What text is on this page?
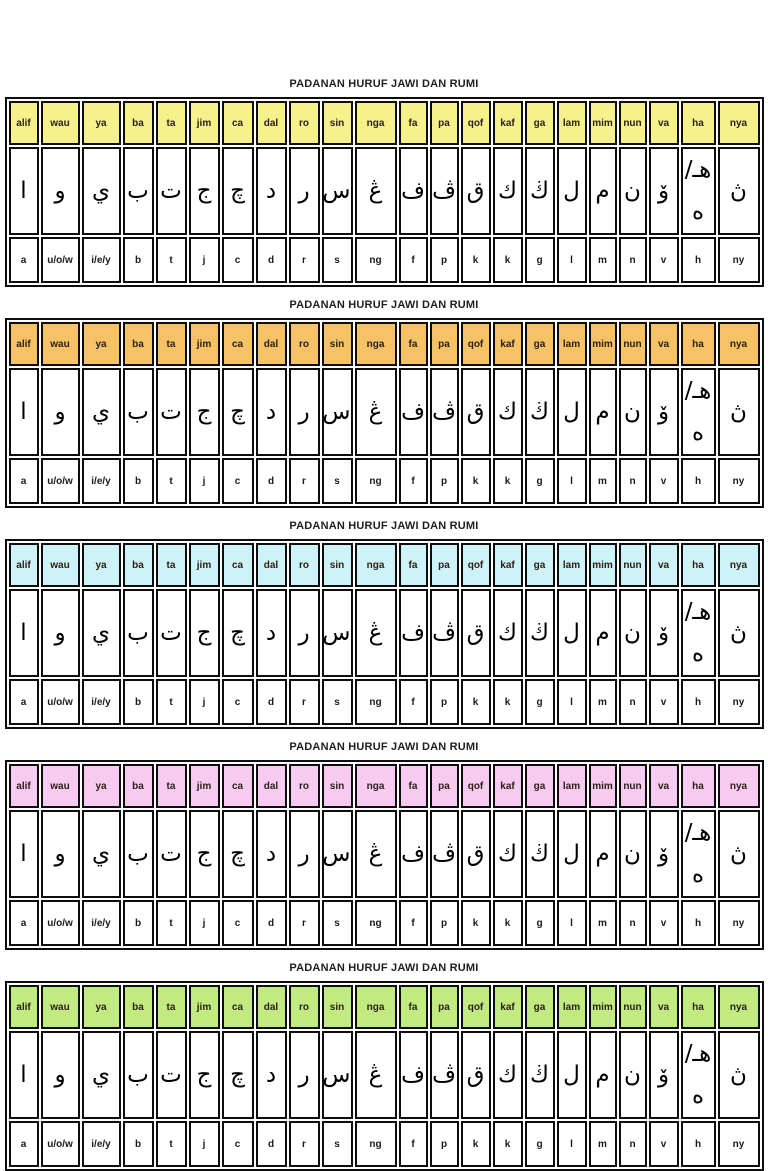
PADANAN HURUF JAWI DAN RUMI
alif	wau	ya	ba	ta	jim	ca	dal	ro	sin	nga	fa	pa	qof	kaf	ga	lam	mim	nun	va	ha	nya
ا	و	ي	ب	ت	ج	چ	د	ر	س	ڠ	ف	ڤ	ق	ك	ڬ	ل	م	ن	ۆ	هـ/ه	ڽ
a	u/o/w	i/e/y	b	t	j	c	d	r	s	ng	f	p	k	k	g	l	m	n	v	h	ny
PADANAN HURUF JAWI DAN RUMI
alif	wau	ya	ba	ta	jim	ca	dal	ro	sin	nga	fa	pa	qof	kaf	ga	lam	mim	nun	va	ha	nya
ا	و	ي	ب	ت	ج	چ	د	ر	س	ڠ	ف	ڤ	ق	ك	ڬ	ل	م	ن	ۆ	هـ/ه	ڽ
a	u/o/w	i/e/y	b	t	j	c	d	r	s	ng	f	p	k	k	g	l	m	n	v	h	ny
PADANAN HURUF JAWI DAN RUMI
alif	wau	ya	ba	ta	jim	ca	dal	ro	sin	nga	fa	pa	qof	kaf	ga	lam	mim	nun	va	ha	nya
ا	و	ي	ب	ت	ج	چ	د	ر	س	ڠ	ف	ڤ	ق	ك	ڬ	ل	م	ن	ۆ	هـ/ه	ڽ
a	u/o/w	i/e/y	b	t	j	c	d	r	s	ng	f	p	k	k	g	l	m	n	v	h	ny
PADANAN HURUF JAWI DAN RUMI
alif	wau	ya	ba	ta	jim	ca	dal	ro	sin	nga	fa	pa	qof	kaf	ga	lam	mim	nun	va	ha	nya
ا	و	ي	ب	ت	ج	چ	د	ر	س	ڠ	ف	ڤ	ق	ك	ڬ	ل	م	ن	ۆ	هـ/ه	ڽ
a	u/o/w	i/e/y	b	t	j	c	d	r	s	ng	f	p	k	k	g	l	m	n	v	h	ny
PADANAN HURUF JAWI DAN RUMI
alif	wau	ya	ba	ta	jim	ca	dal	ro	sin	nga	fa	pa	qof	kaf	ga	lam	mim	nun	va	ha	nya
ا	و	ي	ب	ت	ج	چ	د	ر	س	ڠ	ف	ڤ	ق	ك	ڬ	ل	م	ن	ۆ	هـ/ه	ڽ
a	u/o/w	i/e/y	b	t	j	c	d	r	s	ng	f	p	k	k	g	l	m	n	v	h	ny
